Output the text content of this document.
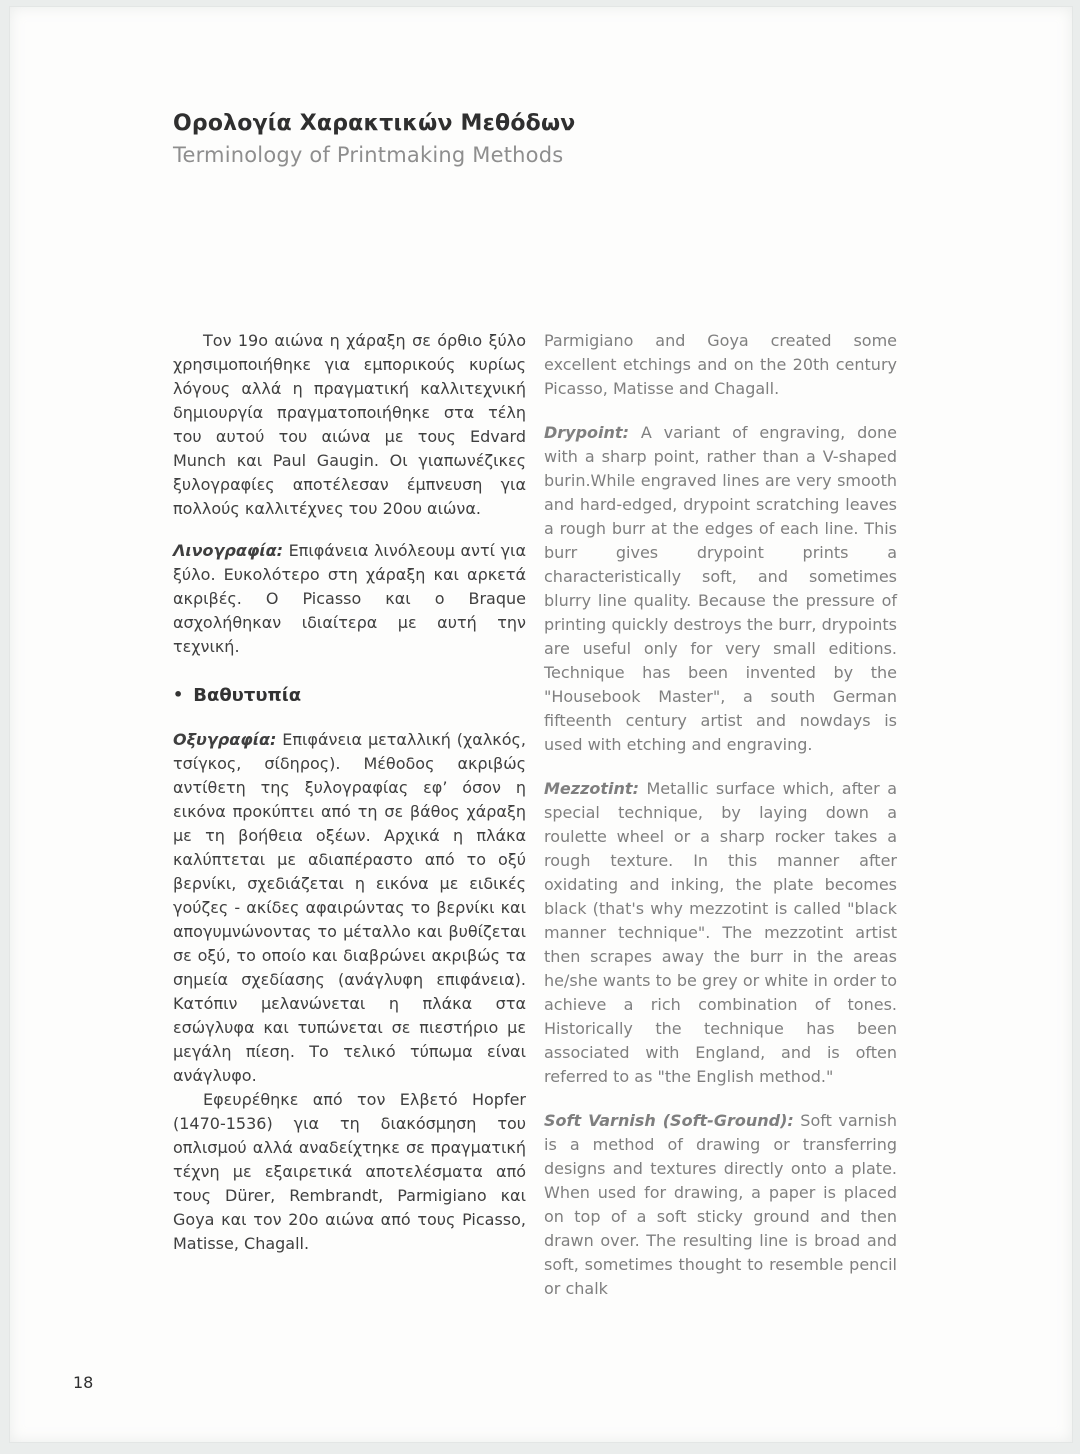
Ορολογία Χαρακτικών Μεθόδων
Terminology of Printmaking Methods

Τον 19ο αιώνα η χάραξη σε όρθιο ξύλο χρησιμοποιήθηκε για εμπορικούς κυρίως λόγους αλλά η πραγματική καλλιτεχνική δημιουργία πραγματοποιήθηκε στα τέλη του αυτού του αιώνα με τους Edvard Munch και Paul Gaugin. Οι γιαπωνέζικες ξυλογραφίες αποτέλεσαν έμπνευση για πολλούς καλλιτέχνες του 20ου αιώνα.

Λινογραφία: Επιφάνεια λινόλεουμ αντί για ξύλο. Ευκολότερο στη χάραξη και αρκετά ακριβές. Ο Picasso και ο Braque ασχολήθηκαν ιδιαίτερα με αυτή την τεχνική.

• Βαθυτυπία

Οξυγραφία: Επιφάνεια μεταλλική (χαλκός, τσίγκος, σίδηρος). Μέθοδος ακριβώς αντίθετη της ξυλογραφίας εφ’ όσον η εικόνα προκύπτει από τη σε βάθος χάραξη με τη βοήθεια οξέων. Αρχικά η πλάκα καλύπτεται με αδιαπέραστο από το οξύ βερνίκι, σχεδιάζεται η εικόνα με ειδικές γούζες - ακίδες αφαιρώντας το βερνίκι και απογυμνώνοντας το μέταλλο και βυθίζεται σε οξύ, το οποίο και διαβρώνει ακριβώς τα σημεία σχεδίασης (ανάγλυφη επιφάνεια). Κατόπιν μελανώνεται η πλάκα στα εσώγλυφα και τυπώνεται σε πιεστήριο με μεγάλη πίεση. Το τελικό τύπωμα είναι ανάγλυφο.

Εφευρέθηκε από τον Ελβετό Hopfer (1470-1536) για τη διακόσμηση του οπλισμού αλλά αναδείχτηκε σε πραγματική τέχνη με εξαιρετικά αποτελέσματα από τους Dürer, Rembrandt, Parmigiano και Goya και τον 20ο αιώνα από τους Picasso, Matisse, Chagall.

Parmigiano and Goya created some excellent etchings and on the 20th century Picasso, Matisse and Chagall.

Drypoint: A variant of engraving, done with a sharp point, rather than a V-shaped burin.While engraved lines are very smooth and hard-edged, drypoint scratching leaves a rough burr at the edges of each line. This burr gives drypoint prints a characteristically soft, and sometimes blurry line quality. Because the pressure of printing quickly destroys the burr, drypoints are useful only for very small editions. Technique has been invented by the "Housebook Master", a south German fifteenth century artist and nowdays is used with etching and engraving.

Mezzotint: Metallic surface which, after a special technique, by laying down a roulette wheel or a sharp rocker takes a rough texture. In this manner after oxidating and inking, the plate becomes black (that's why mezzotint is called "black manner technique". The mezzotint artist then scrapes away the burr in the areas he/she wants to be grey or white in order to achieve a rich combination of tones. Historically the technique has been associated with England, and is often referred to as "the English method."

Soft Varnish (Soft-Ground): Soft varnish is a method of drawing or transferring designs and textures directly onto a plate. When used for drawing, a paper is placed on top of a soft sticky ground and then drawn over. The resulting line is broad and soft, sometimes thought to resemble pencil or chalk

18
